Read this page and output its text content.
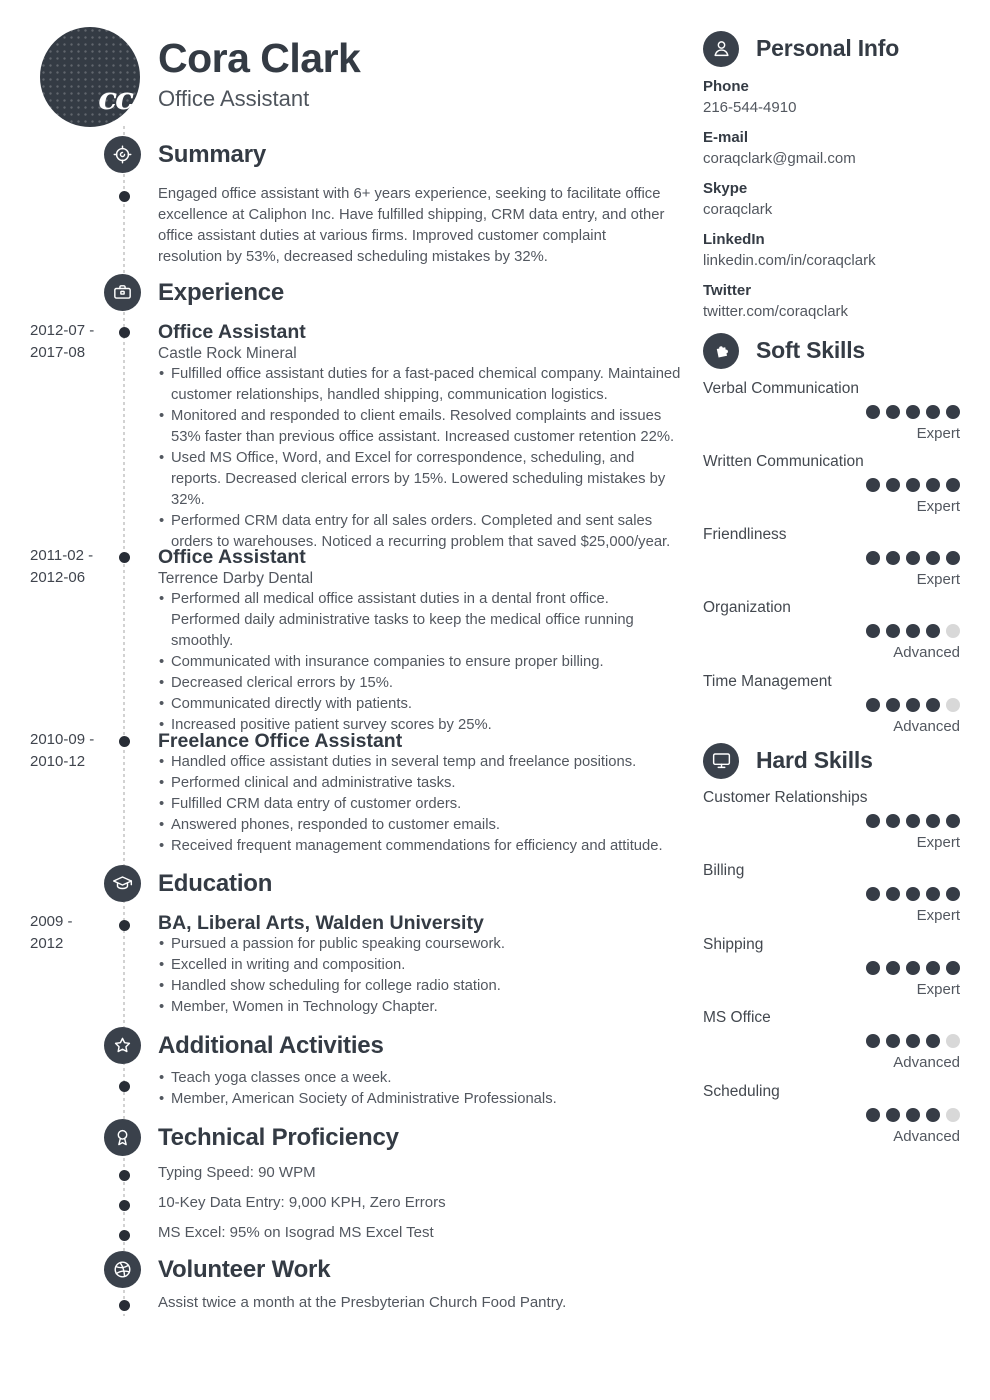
cc
Cora Clark
Office Assistant
Summary
Experience
Education
Additional Activities
Technical Proficiency
Volunteer Work

Engaged office assistant with 6+ years experience, seeking to facilitate office excellence at Caliphon Inc. Have fulfilled shipping, CRM data entry, and other office assistant duties at various firms. Improved customer complaint resolution by 53%, decreased scheduling mistakes by 32%.

2012-07 -
2017-08
Office Assistant
Castle Rock Mineral
• Fulfilled office assistant duties for a fast-paced chemical company. Maintained customer relationships, handled shipping, communication logistics.
• Monitored and responded to client emails. Resolved complaints and issues 53% faster than previous office assistant. Increased customer retention 22%.
• Used MS Office, Word, and Excel for correspondence, scheduling, and reports. Decreased clerical errors by 15%. Lowered scheduling mistakes by 32%.
• Performed CRM data entry for all sales orders. Completed and sent sales orders to warehouses. Noticed a recurring problem that saved $25,000/year.
2011-02 -
2012-06
Office Assistant
Terrence Darby Dental
• Performed all medical office assistant duties in a dental front office. Performed daily administrative tasks to keep the medical office running smoothly.
• Communicated with insurance companies to ensure proper billing.
• Decreased clerical errors by 15%.
• Communicated directly with patients.
• Increased positive patient survey scores by 25%.
2010-09 -
2010-12
Freelance Office Assistant
• Handled office assistant duties in several temp and freelance positions.
• Performed clinical and administrative tasks.
• Fulfilled CRM data entry of customer orders.
• Answered phones, responded to customer emails.
• Received frequent management commendations for efficiency and attitude.
2009 -
2012
BA, Liberal Arts, Walden University
• Pursued a passion for public speaking coursework.
• Excelled in writing and composition.
• Handled show scheduling for college radio station.
• Member, Women in Technology Chapter.
• Teach yoga classes once a week.
• Member, American Society of Administrative Professionals.
Typing Speed: 90 WPM
10-Key Data Entry: 9,000 KPH, Zero Errors
MS Excel: 95% on Isograd MS Excel Test
Assist twice a month at the Presbyterian Church Food Pantry.
Personal Info
Phone
216-544-4910
E-mail
coraqclark@gmail.com
Skype
coraqclark
LinkedIn
linkedin.com/in/coraqclark
Twitter
twitter.com/coraqclark
Soft Skills
Verbal Communication
Expert
Written Communication
Expert
Friendliness
Expert
Organization
Advanced
Time Management
Advanced
Hard Skills
Customer Relationships
Expert
Billing
Expert
Shipping
Expert
MS Office
Advanced
Scheduling
Advanced
